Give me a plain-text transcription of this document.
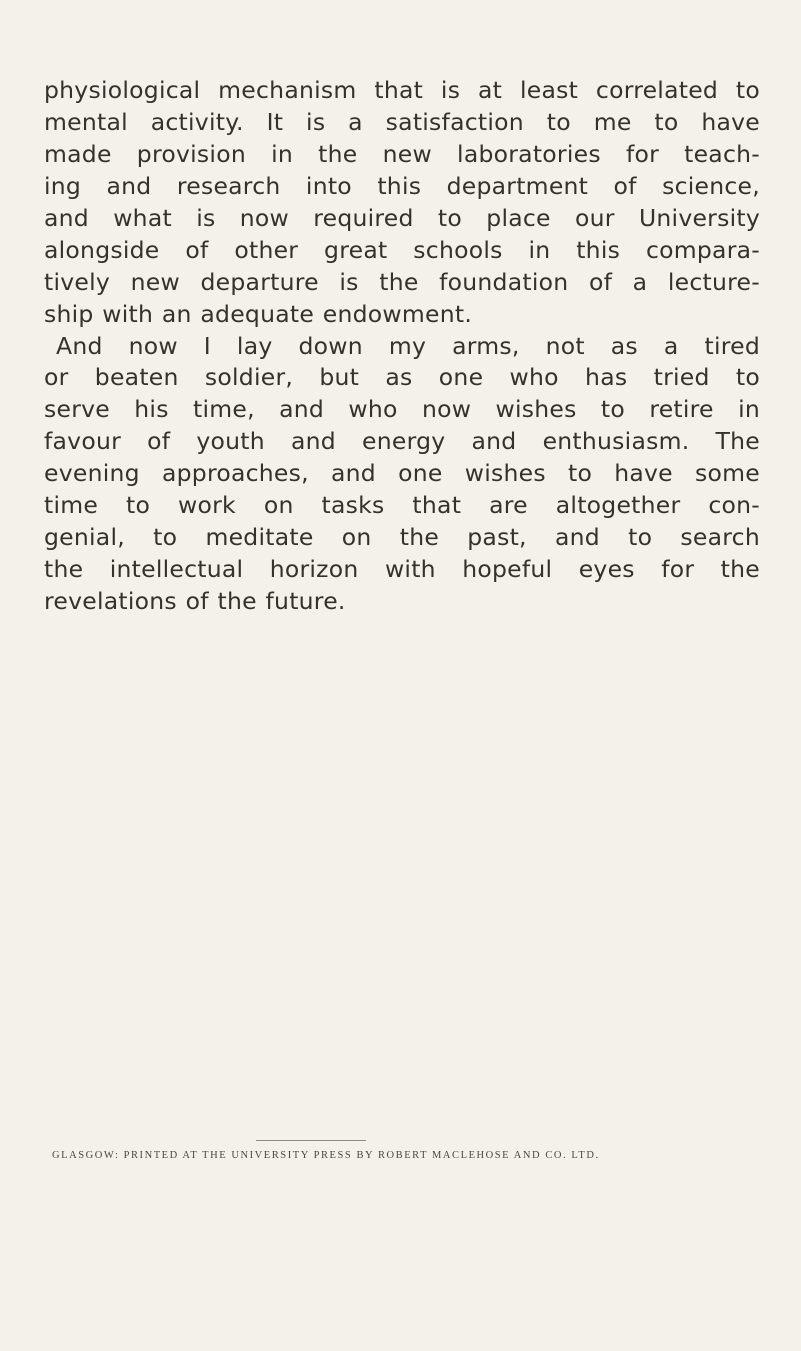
physiological mechanism that is at least correlated to
mental activity. It is a satisfaction to me to have
made provision in the new laboratories for teach-
ing and research into this department of science,
and what is now required to place our University
alongside of other great schools in this compara-
tively new departure is the foundation of a lecture-
ship with an adequate endowment.
And now I lay down my arms, not as a tired
or beaten soldier, but as one who has tried to
serve his time, and who now wishes to retire in
favour of youth and energy and enthusiasm. The
evening approaches, and one wishes to have some
time to work on tasks that are altogether con-
genial, to meditate on the past, and to search
the intellectual horizon with hopeful eyes for the
revelations of the future.

GLASGOW: PRINTED AT THE UNIVERSITY PRESS BY ROBERT MACLEHOSE AND CO. LTD.
